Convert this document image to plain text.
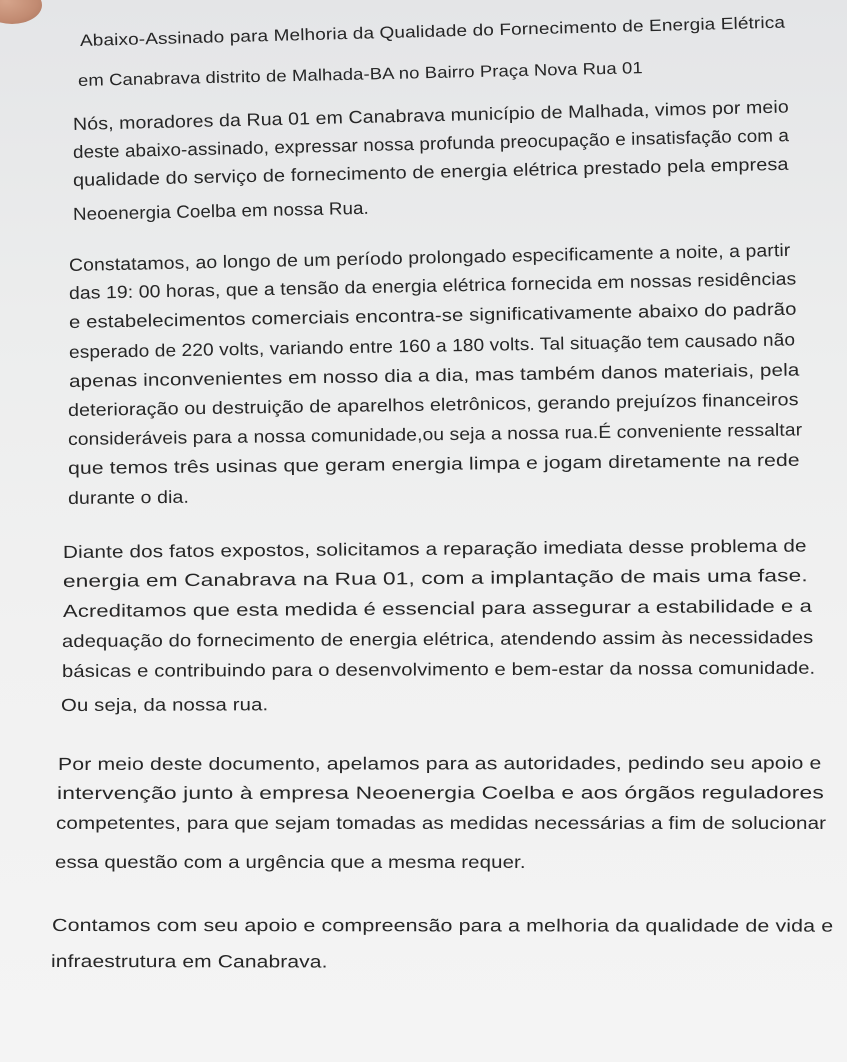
Abaixo-Assinado para Melhoria da Qualidade do Fornecimento de Energia Elétrica
em Canabrava distrito de Malhada-BA no Bairro Praça Nova Rua 01
Nós, moradores da Rua 01 em Canabrava município de Malhada, vimos por meio
deste abaixo-assinado, expressar nossa profunda preocupação e insatisfação com a
qualidade do serviço de fornecimento de energia elétrica prestado pela empresa
Neoenergia Coelba em nossa Rua.
Constatamos, ao longo de um período prolongado especificamente a noite, a partir
das 19: 00 horas, que a tensão da energia elétrica fornecida em nossas residências
e estabelecimentos comerciais encontra-se significativamente abaixo do padrão
esperado de 220 volts, variando entre 160 a 180 volts. Tal situação tem causado não
apenas inconvenientes em nosso dia a dia, mas também danos materiais, pela
deterioração ou destruição de aparelhos eletrônicos, gerando prejuízos financeiros
consideráveis para a nossa comunidade,ou seja a nossa rua.É conveniente ressaltar
que temos três usinas que geram energia limpa e jogam diretamente na rede
durante o dia.
Diante dos fatos expostos, solicitamos a reparação imediata desse problema de
energia em Canabrava na Rua 01, com a implantação de mais uma fase.
Acreditamos que esta medida é essencial para assegurar a estabilidade e a
adequação do fornecimento de energia elétrica, atendendo assim às necessidades
básicas e contribuindo para o desenvolvimento e bem-estar da nossa comunidade.
Ou seja, da nossa rua.
Por meio deste documento, apelamos para as autoridades, pedindo seu apoio e
intervenção junto à empresa Neoenergia Coelba e aos órgãos reguladores
competentes, para que sejam tomadas as medidas necessárias a fim de solucionar
essa questão com a urgência que a mesma requer.
Contamos com seu apoio e compreensão para a melhoria da qualidade de vida e
infraestrutura em Canabrava.
